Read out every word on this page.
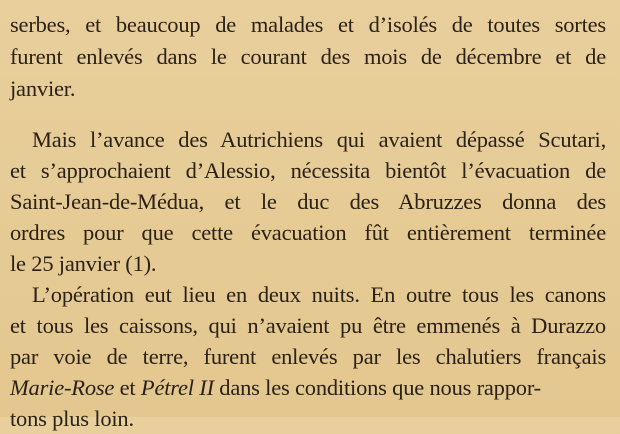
serbes, et beaucoup de malades et d’isolés de toutes sortes
furent enlevés dans le courant des mois de décembre et de
janvier.
Mais l’avance des Autrichiens qui avaient dépassé Scutari,
et s’approchaient d’Alessio, nécessita bientôt l’évacuation de
Saint-Jean-de-Médua, et le duc des Abruzzes donna des
ordres pour que cette évacuation fût entièrement terminée
le 25 janvier (1).
L’opération eut lieu en deux nuits. En outre tous les canons
et tous les caissons, qui n’avaient pu être emmenés à Durazzo
par voie de terre, furent enlevés par les chalutiers français
Marie-Rose et Pétrel II dans les conditions que nous rappor-
tons plus loin.
